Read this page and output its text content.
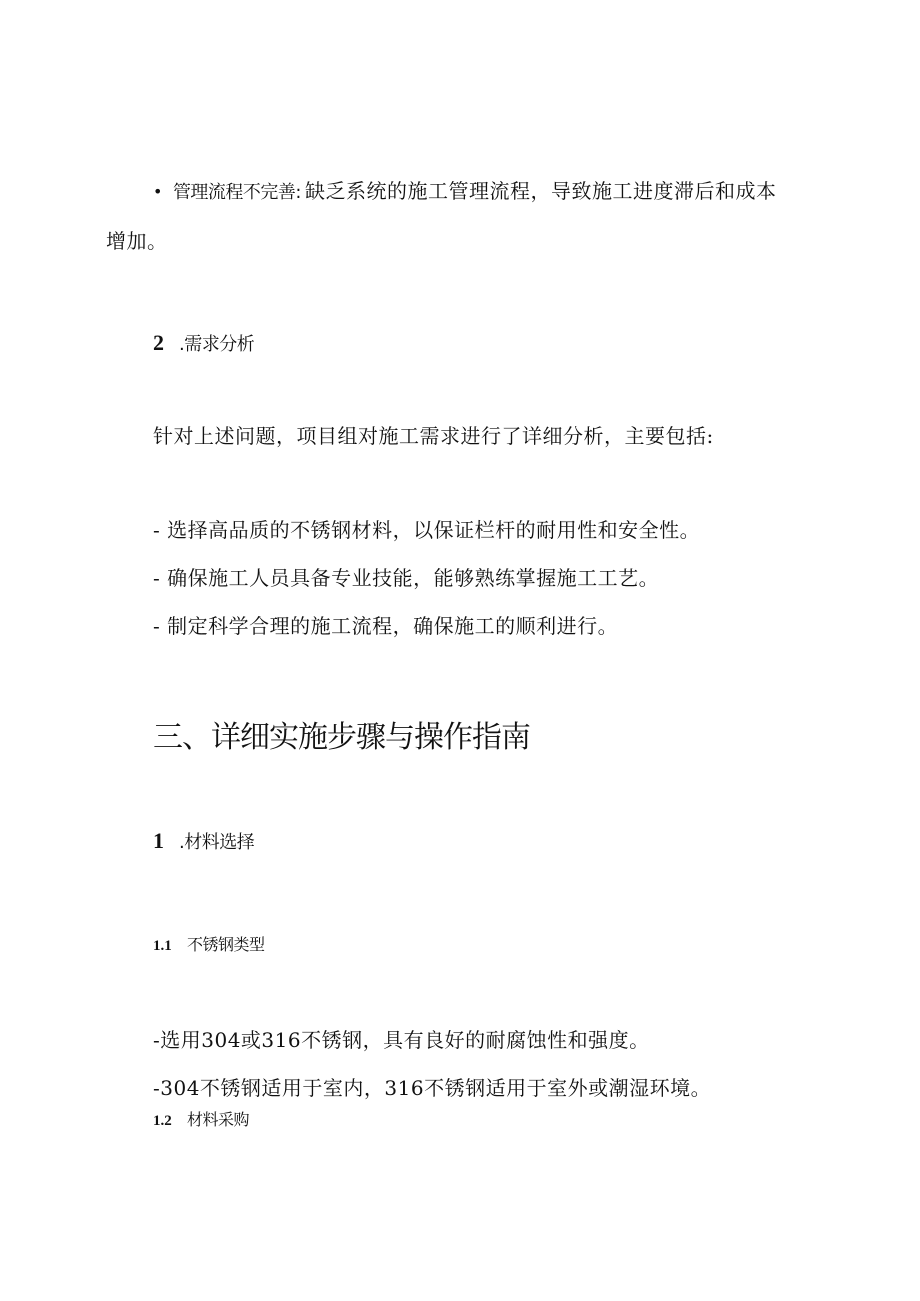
• 管理流程不完善: 缺乏系统的施工管理流程，导致施工进度滞后和成本
增加。
2 .需求分析
针对上述问题，项目组对施工需求进行了详细分析，主要包括:
- 选择高品质的不锈钢材料，以保证栏杆的耐用性和安全性。
- 确保施工人员具备专业技能，能够熟练掌握施工工艺。
- 制定科学合理的施工流程，确保施工的顺利进行。
三、详细实施步骤与操作指南
1 .材料选择
1.1 不锈钢类型
-选用304或316不锈钢，具有良好的耐腐蚀性和强度。
-304不锈钢适用于室内，316不锈钢适用于室外或潮湿环境。
1.2 材料采购
